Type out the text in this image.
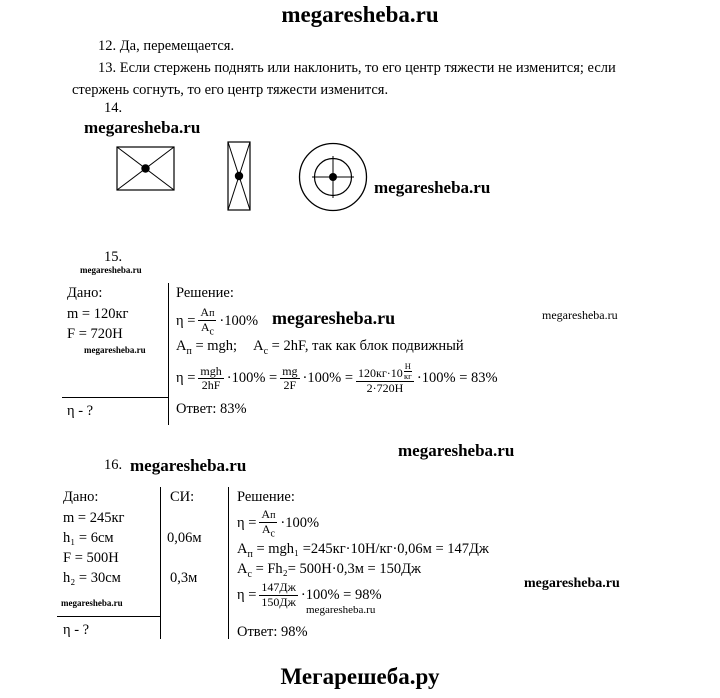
megaresheba.ru

12. Да, перемещается.

13. Если стержень поднять или наклонить, то его центр тяжести не изменится; если стержень согнуть, то его центр тяжести изменится.

14.
megaresheba.ru
megaresheba.ru
15.
megaresheba.ru
Дано:
m = 120кг
F = 720Н
megaresheba.ru
η - ?
Решение:
$\eta = \frac{\text{A п}}{A_с} \cdot 100\%$ megaresheba.ru	megaresheba.ru
$A_п$ = mgh; $A_с = 2hF$, так как блок подвижный
$\eta = \frac{\text{mgh}}{2hF} \cdot 100\% = \frac{mg}{2F} \cdot 100\% = 120кг\cdot 10$
Н
кг
2·720Н ·100% = 83%
Ответ: 83%
megaresheba.ru
16. megaresheba.ru
Дано:
m = 245кг
h₁ = 6см
F = 500Н
h₂ = 30см
megaresheba.ru
η - ?
СИ:
0,06м
0,3м
Решение:
$\eta = \frac{\text{A п}}{A_с} \cdot 100\%$
$A_п = mgh_1 =245кг\cdot 10Н/кг\cdot 0,06м = 147Дж$
$A_с = Fh_2= 500Н\cdot 0,3м = 150Дж$
$\eta = \frac{147Дж}{150Дж} \cdot 100\% = 98\%$
megaresheba.ru
megaresheba.ru
Ответ: 98%
Мегарешеба.ру
